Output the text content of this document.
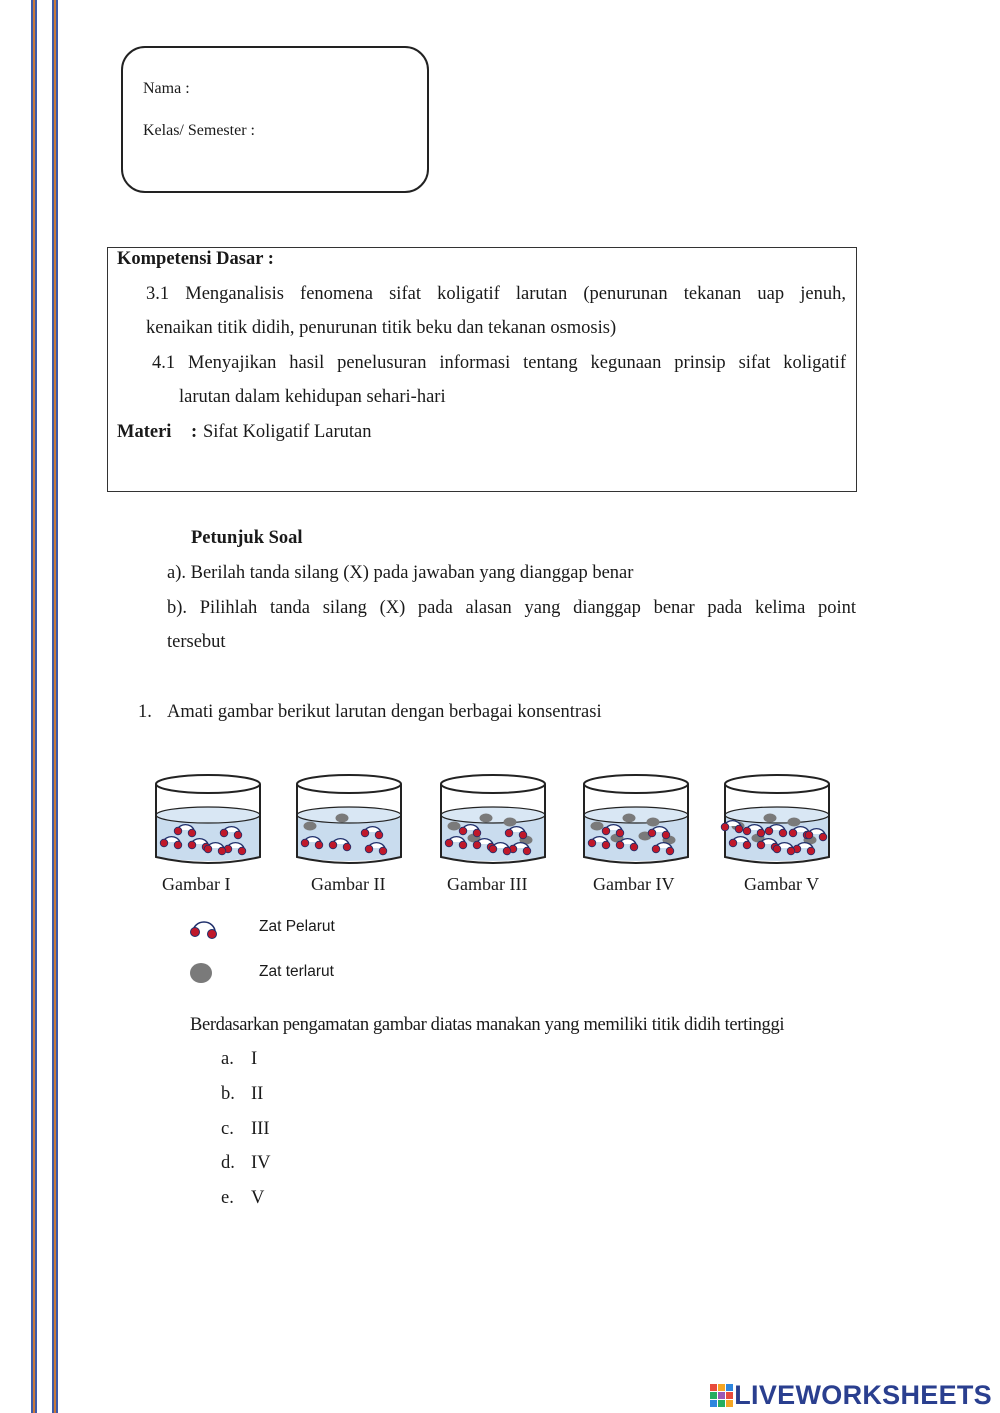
Nama :
Kelas/ Semester :
Kompetensi Dasar :
3.1 Menganalisis fenomena sifat koligatif larutan (penurunan tekanan uap jenuh,
kenaikan titik didih, penurunan titik beku dan tekanan osmosis)
4.1 Menyajikan hasil penelusuran informasi tentang kegunaan prinsip sifat koligatif
larutan dalam kehidupan sehari-hari
Materi : Sifat Koligatif Larutan
Petunjuk Soal
a). Berilah tanda silang (X) pada jawaban yang dianggap benar
b). Pilihlah tanda silang (X) pada alasan yang dianggap benar pada kelima point
tersebut
1. Amati gambar berikut larutan dengan berbagai konsentrasi
Gambar I	Gambar II	Gambar III	Gambar IV	Gambar V
Zat Pelarut
Zat terlarut
Berdasarkan pengamatan gambar diatas manakan yang memiliki titik didih tertinggi
a. I
b. II
c. III
d. IV
e. V
LIVEWORKSHEETS
